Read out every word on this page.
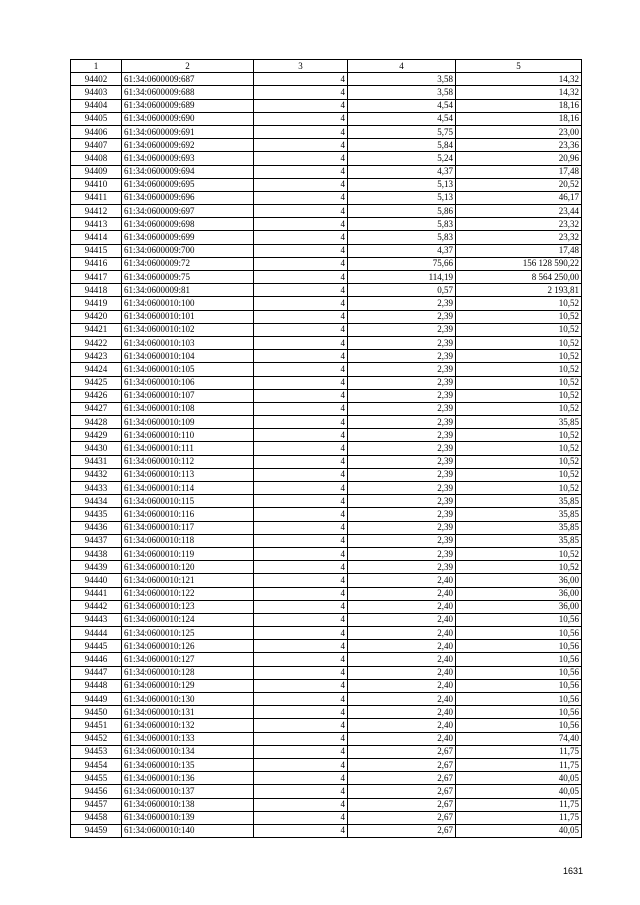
1	2	3	4	5
94402	61:34:0600009:687	4	3,58	14,32
94403	61:34:0600009:688	4	3,58	14,32
94404	61:34:0600009:689	4	4,54	18,16
94405	61:34:0600009:690	4	4,54	18,16
94406	61:34:0600009:691	4	5,75	23,00
94407	61:34:0600009:692	4	5,84	23,36
94408	61:34:0600009:693	4	5,24	20,96
94409	61:34:0600009:694	4	4,37	17,48
94410	61:34:0600009:695	4	5,13	20,52
94411	61:34:0600009:696	4	5,13	46,17
94412	61:34:0600009:697	4	5,86	23,44
94413	61:34:0600009:698	4	5,83	23,32
94414	61:34:0600009:699	4	5,83	23,32
94415	61:34:0600009:700	4	4,37	17,48
94416	61:34:0600009:72	4	75,66	156 128 590,22
94417	61:34:0600009:75	4	114,19	8 564 250,00
94418	61:34:0600009:81	4	0,57	2 193,81
94419	61:34:0600010:100	4	2,39	10,52
94420	61:34:0600010:101	4	2,39	10,52
94421	61:34:0600010:102	4	2,39	10,52
94422	61:34:0600010:103	4	2,39	10,52
94423	61:34:0600010:104	4	2,39	10,52
94424	61:34:0600010:105	4	2,39	10,52
94425	61:34:0600010:106	4	2,39	10,52
94426	61:34:0600010:107	4	2,39	10,52
94427	61:34:0600010:108	4	2,39	10,52
94428	61:34:0600010:109	4	2,39	35,85
94429	61:34:0600010:110	4	2,39	10,52
94430	61:34:0600010:111	4	2,39	10,52
94431	61:34:0600010:112	4	2,39	10,52
94432	61:34:0600010:113	4	2,39	10,52
94433	61:34:0600010:114	4	2,39	10,52
94434	61:34:0600010:115	4	2,39	35,85
94435	61:34:0600010:116	4	2,39	35,85
94436	61:34:0600010:117	4	2,39	35,85
94437	61:34:0600010:118	4	2,39	35,85
94438	61:34:0600010:119	4	2,39	10,52
94439	61:34:0600010:120	4	2,39	10,52
94440	61:34:0600010:121	4	2,40	36,00
94441	61:34:0600010:122	4	2,40	36,00
94442	61:34:0600010:123	4	2,40	36,00
94443	61:34:0600010:124	4	2,40	10,56
94444	61:34:0600010:125	4	2,40	10,56
94445	61:34:0600010:126	4	2,40	10,56
94446	61:34:0600010:127	4	2,40	10,56
94447	61:34:0600010:128	4	2,40	10,56
94448	61:34:0600010:129	4	2,40	10,56
94449	61:34:0600010:130	4	2,40	10,56
94450	61:34:0600010:131	4	2,40	10,56
94451	61:34:0600010:132	4	2,40	10,56
94452	61:34:0600010:133	4	2,40	74,40
94453	61:34:0600010:134	4	2,67	11,75
94454	61:34:0600010:135	4	2,67	11,75
94455	61:34:0600010:136	4	2,67	40,05
94456	61:34:0600010:137	4	2,67	40,05
94457	61:34:0600010:138	4	2,67	11,75
94458	61:34:0600010:139	4	2,67	11,75
94459	61:34:0600010:140	4	2,67	40,05
1631
